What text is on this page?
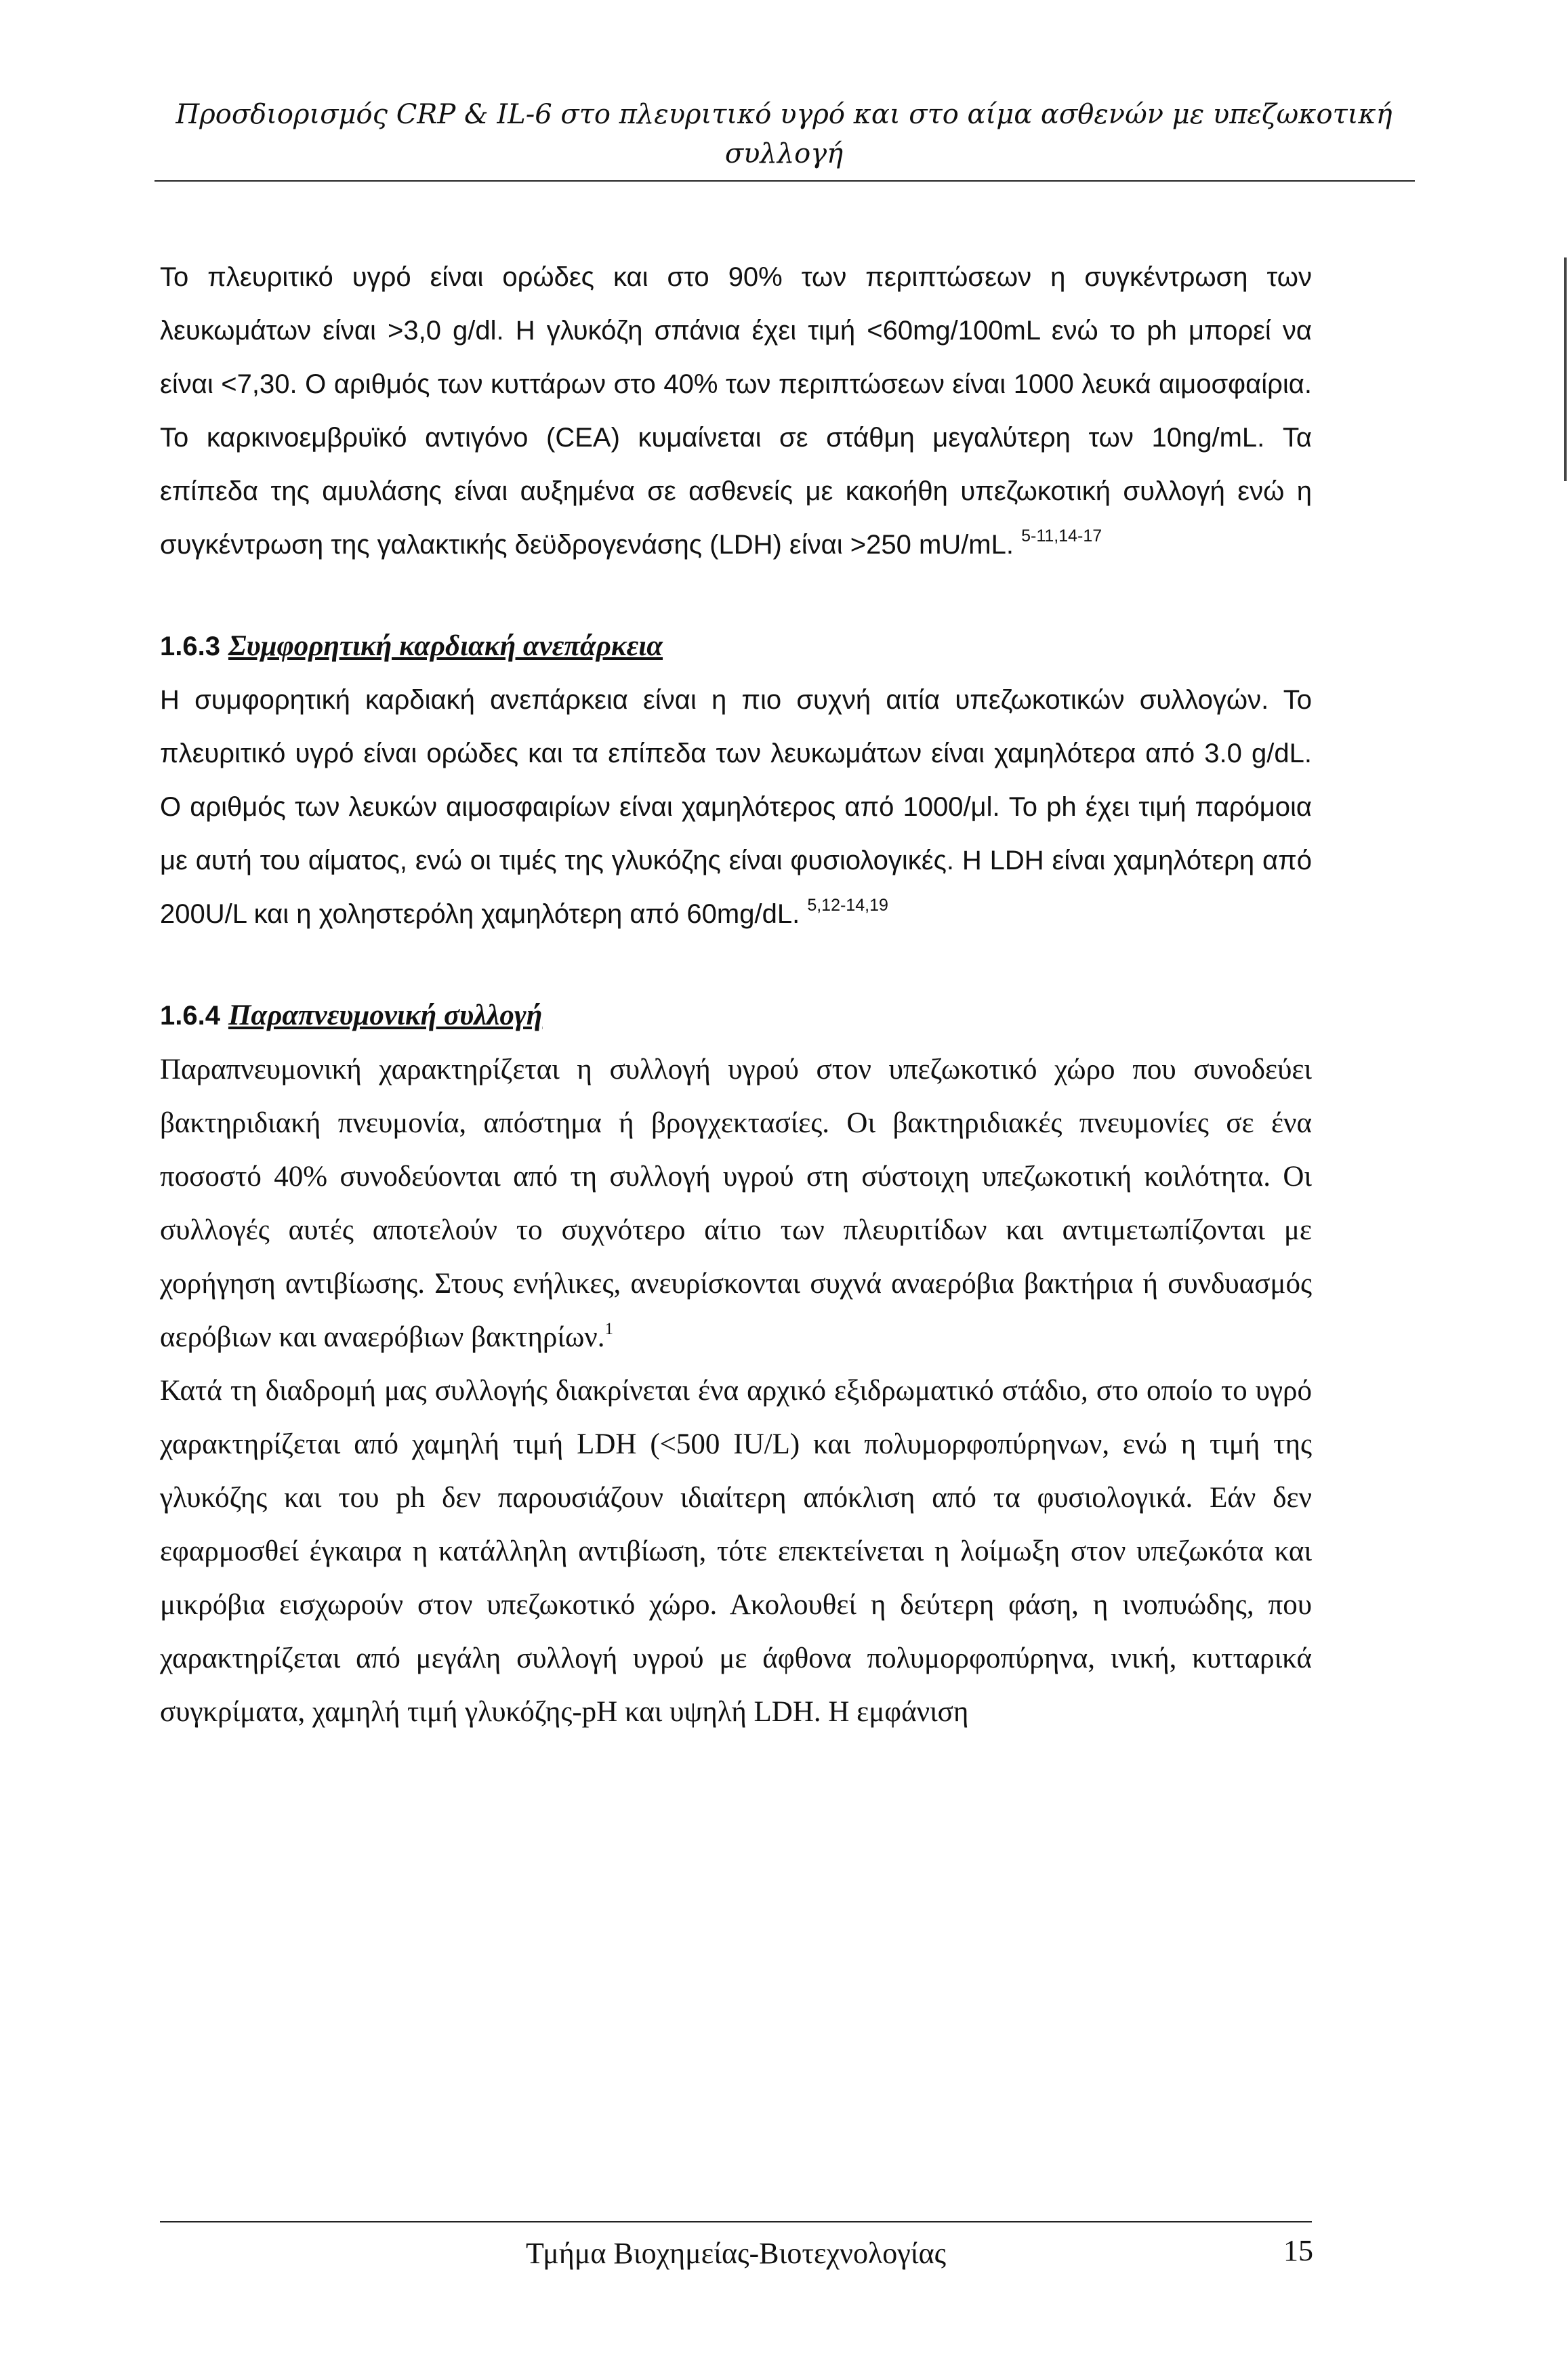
Προσδιορισμός CRP & IL-6 στο πλευριτικό υγρό και στο αίμα ασθενών με υπεζωκοτική συλλογή

Το πλευριτικό υγρό είναι ορώδες και στο 90% των περιπτώσεων η συγκέντρωση των λευκωμάτων είναι >3,0 g/dl. Η γλυκόζη σπάνια έχει τιμή <60mg/100mL ενώ το ph μπορεί να είναι <7,30. Ο αριθμός των κυττάρων στο 40% των περιπτώσεων είναι 1000 λευκά αιμοσφαίρια. Το καρκινοεμβρυϊκό αντιγόνο (CEA) κυμαίνεται σε στάθμη μεγαλύτερη των 10ng/mL. Τα επίπεδα της αμυλάσης είναι αυξημένα σε ασθενείς με κακοήθη υπεζωκοτική συλλογή ενώ η συγκέντρωση της γαλακτικής δεϋδρογενάσης (LDH) είναι >250 mU/mL. $^{5-11,14-17}$

1.6.3 Συμφορητική καρδιακή ανεπάρκεια

Η συμφορητική καρδιακή ανεπάρκεια είναι η πιο συχνή αιτία υπεζωκοτικών συλλογών. Το πλευριτικό υγρό είναι ορώδες και τα επίπεδα των λευκωμάτων είναι χαμηλότερα από 3.0 g/dL. Ο αριθμός των λευκών αιμοσφαιρίων είναι χαμηλότερος από 1000/μl. Το ph έχει τιμή παρόμοια με αυτή του αίματος, ενώ οι τιμές της γλυκόζης είναι φυσιολογικές. Η LDH είναι χαμηλότερη από 200U/L και η χοληστερόλη χαμηλότερη από 60mg/dL. $^{5,12-14,19}$

1.6.4 Παραπνευμονική συλλογή

Παραπνευμονική χαρακτηρίζεται η συλλογή υγρού στον υπεζωκοτικό χώρο που συνοδεύει βακτηριδιακή πνευμονία, απόστημα ή βρογχεκτασίες. Οι βακτηριδιακές πνευμονίες σε ένα ποσοστό 40% συνοδεύονται από τη συλλογή υγρού στη σύστοιχη υπεζωκοτική κοιλότητα. Οι συλλογές αυτές αποτελούν το συχνότερο αίτιο των πλευριτίδων και αντιμετωπίζονται με χορήγηση αντιβίωσης. Στους ενήλικες, ανευρίσκονται συχνά αναερόβια βακτήρια ή συνδυασμός αερόβιων και αναερόβιων βακτηρίων.$^1$

Κατά τη διαδρομή μας συλλογής διακρίνεται ένα αρχικό εξιδρωματικό στάδιο, στο οποίο το υγρό χαρακτηρίζεται από χαμηλή τιμή LDH (<500 IU/L) και πολυμορφοπύρηνων, ενώ η τιμή της γλυκόζης και του ph δεν παρουσιάζουν ιδιαίτερη απόκλιση από τα φυσιολογικά. Εάν δεν εφαρμοσθεί έγκαιρα η κατάλληλη αντιβίωση, τότε επεκτείνεται η λοίμωξη στον υπεζωκότα και μικρόβια εισχωρούν στον υπεζωκοτικό χώρο. Ακολουθεί η δεύτερη φάση, η ινοπυώδης, που χαρακτηρίζεται από μεγάλη συλλογή υγρού με άφθονα πολυμορφοπύρηνα, ινική, κυτταρικά συγκρίματα, χαμηλή τιμή γλυκόζης-pH και υψηλή LDH. Η εμφάνιση

Τμήμα Βιοχημείας-Βιοτεχνολογίας	15
